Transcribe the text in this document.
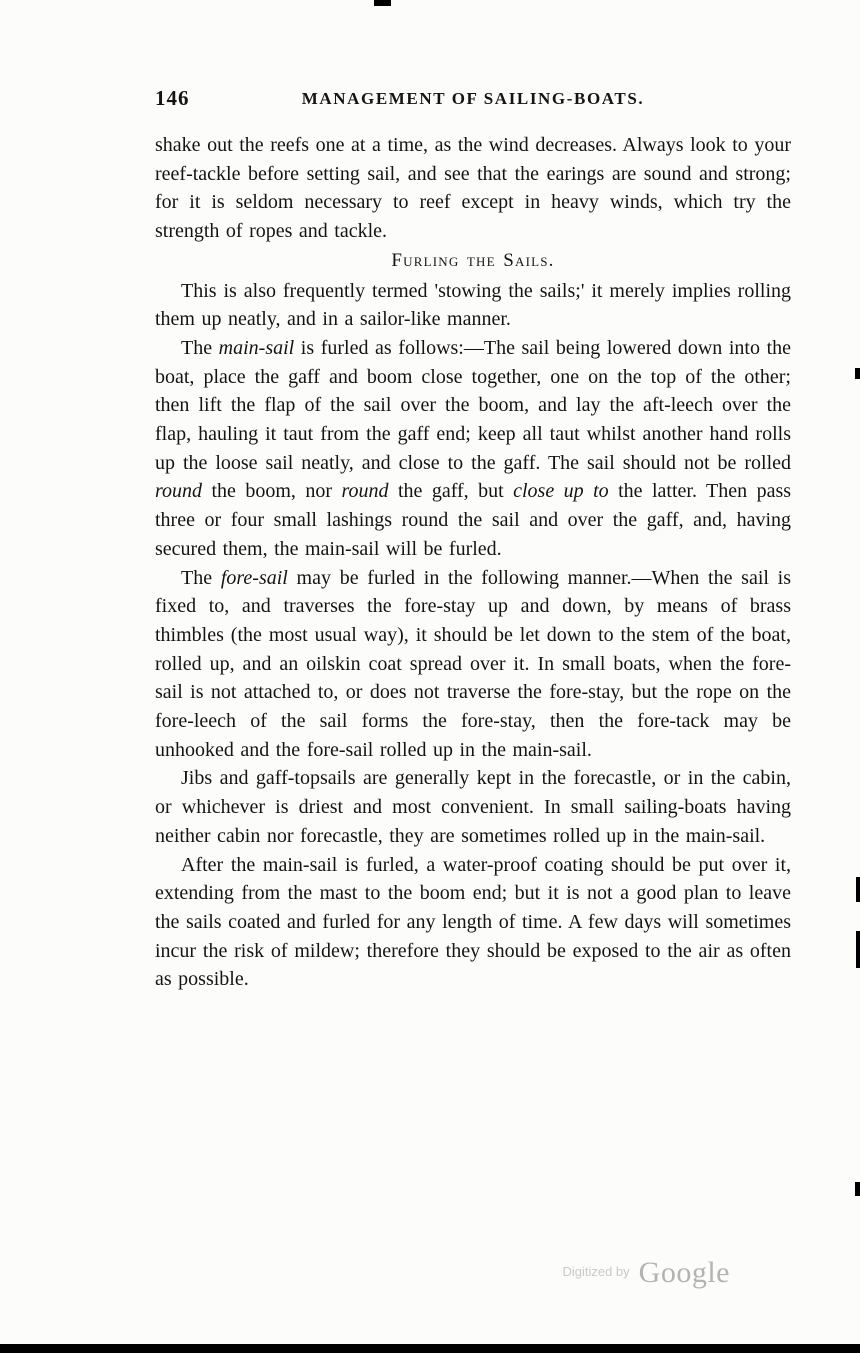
146	MANAGEMENT OF SAILING-BOATS.

shake out the reefs one at a time, as the wind decreases. Always look to your reef-tackle before setting sail, and see that the earings are sound and strong; for it is seldom necessary to reef except in heavy winds, which try the strength of ropes and tackle.

Furling the Sails.

This is also frequently termed 'stowing the sails;' it merely implies rolling them up neatly, and in a sailor-like manner.

The main-sail is furled as follows:—The sail being lowered down into the boat, place the gaff and boom close together, one on the top of the other; then lift the flap of the sail over the boom, and lay the aft-leech over the flap, hauling it taut from the gaff end; keep all taut whilst another hand rolls up the loose sail neatly, and close to the gaff. The sail should not be rolled round the boom, nor round the gaff, but close up to the latter. Then pass three or four small lashings round the sail and over the gaff, and, having secured them, the main-sail will be furled.

The fore-sail may be furled in the following manner.—When the sail is fixed to, and traverses the fore-stay up and down, by means of brass thimbles (the most usual way), it should be let down to the stem of the boat, rolled up, and an oilskin coat spread over it. In small boats, when the fore-sail is not attached to, or does not traverse the fore-stay, but the rope on the fore-leech of the sail forms the fore-stay, then the fore-tack may be unhooked and the fore-sail rolled up in the main-sail.

Jibs and gaff-topsails are generally kept in the forecastle, or in the cabin, or whichever is driest and most convenient. In small sailing-boats having neither cabin nor forecastle, they are sometimes rolled up in the main-sail.

After the main-sail is furled, a water-proof coating should be put over it, extending from the mast to the boom end; but it is not a good plan to leave the sails coated and furled for any length of time. A few days will sometimes incur the risk of mildew; therefore they should be exposed to the air as often as possible.

$^{Digitized by}$ Google
